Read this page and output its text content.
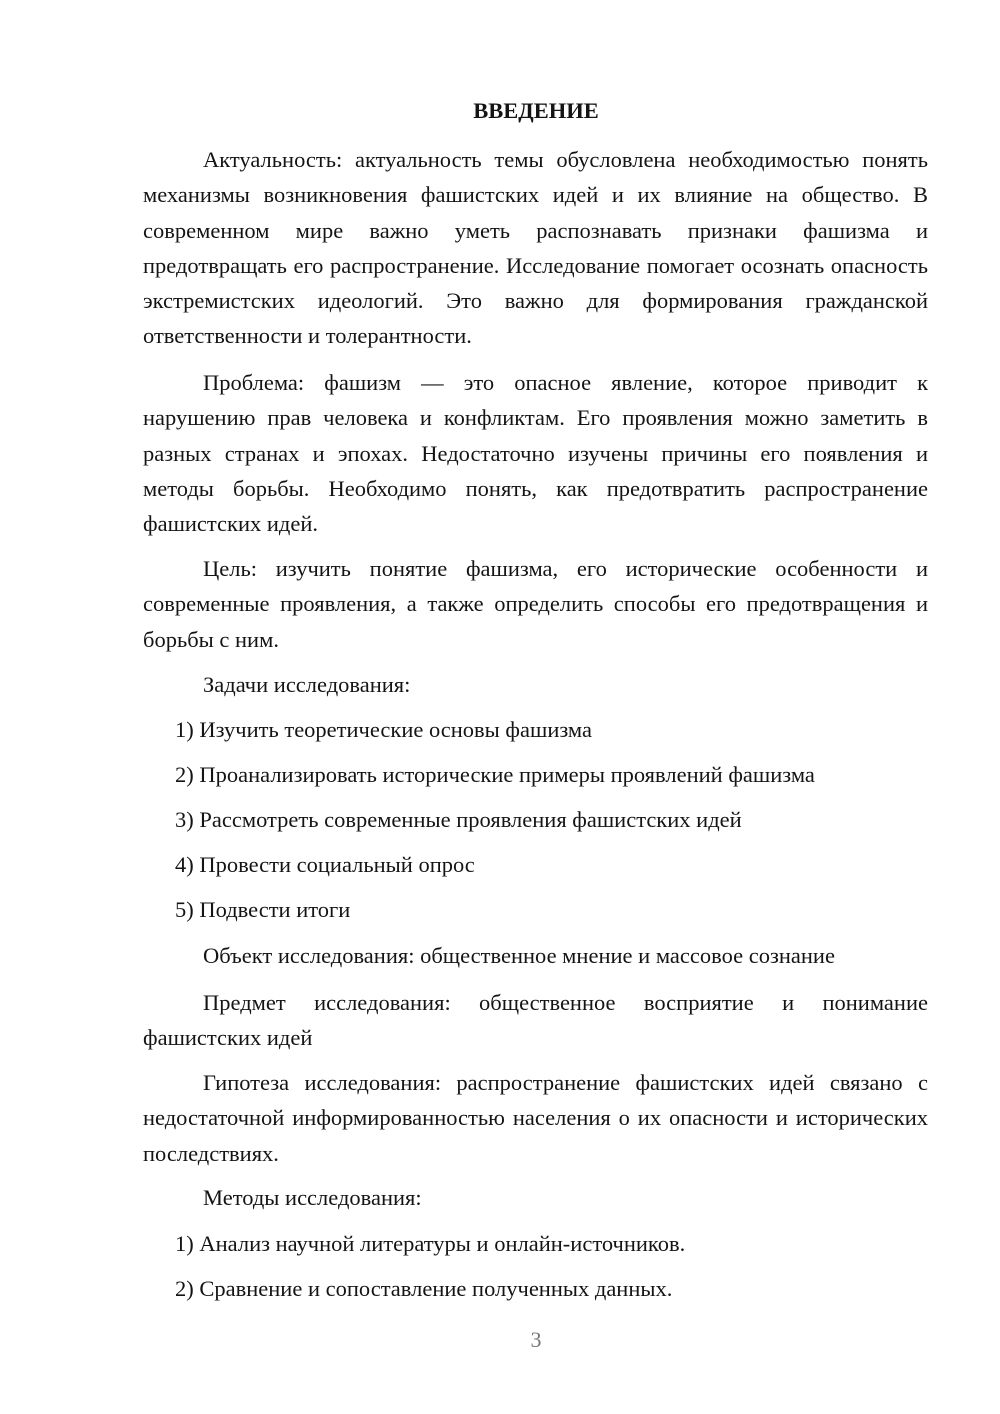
ВВЕДЕНИЕ
Актуальность: актуальность темы обусловлена необходимостью понять механизмы возникновения фашистских идей и их влияние на общество. В современном мире важно уметь распознавать признаки фашизма и предотвращать его распространение. Исследование помогает осознать опасность экстремистских идеологий. Это важно для формирования гражданской ответственности и толерантности.
Проблема: фашизм — это опасное явление, которое приводит к нарушению прав человека и конфликтам. Его проявления можно заметить в разных странах и эпохах. Недостаточно изучены причины его появления и методы борьбы. Необходимо понять, как предотвратить распространение фашистских идей.
Цель: изучить понятие фашизма, его исторические особенности и современные проявления, а также определить способы его предотвращения и борьбы с ним.
Задачи исследования:
1) Изучить теоретические основы фашизма
2) Проанализировать исторические примеры проявлений фашизма
3) Рассмотреть современные проявления фашистских идей
4) Провести социальный опрос
5) Подвести итоги
Объект исследования: общественное мнение и массовое сознание
Предмет исследования: общественное восприятие и понимание фашистских идей
Гипотеза исследования: распространение фашистских идей связано с недостаточной информированностью населения о их опасности и исторических последствиях.
Методы исследования:
1) Анализ научной литературы и онлайн-источников.
2) Сравнение и сопоставление полученных данных.
3
